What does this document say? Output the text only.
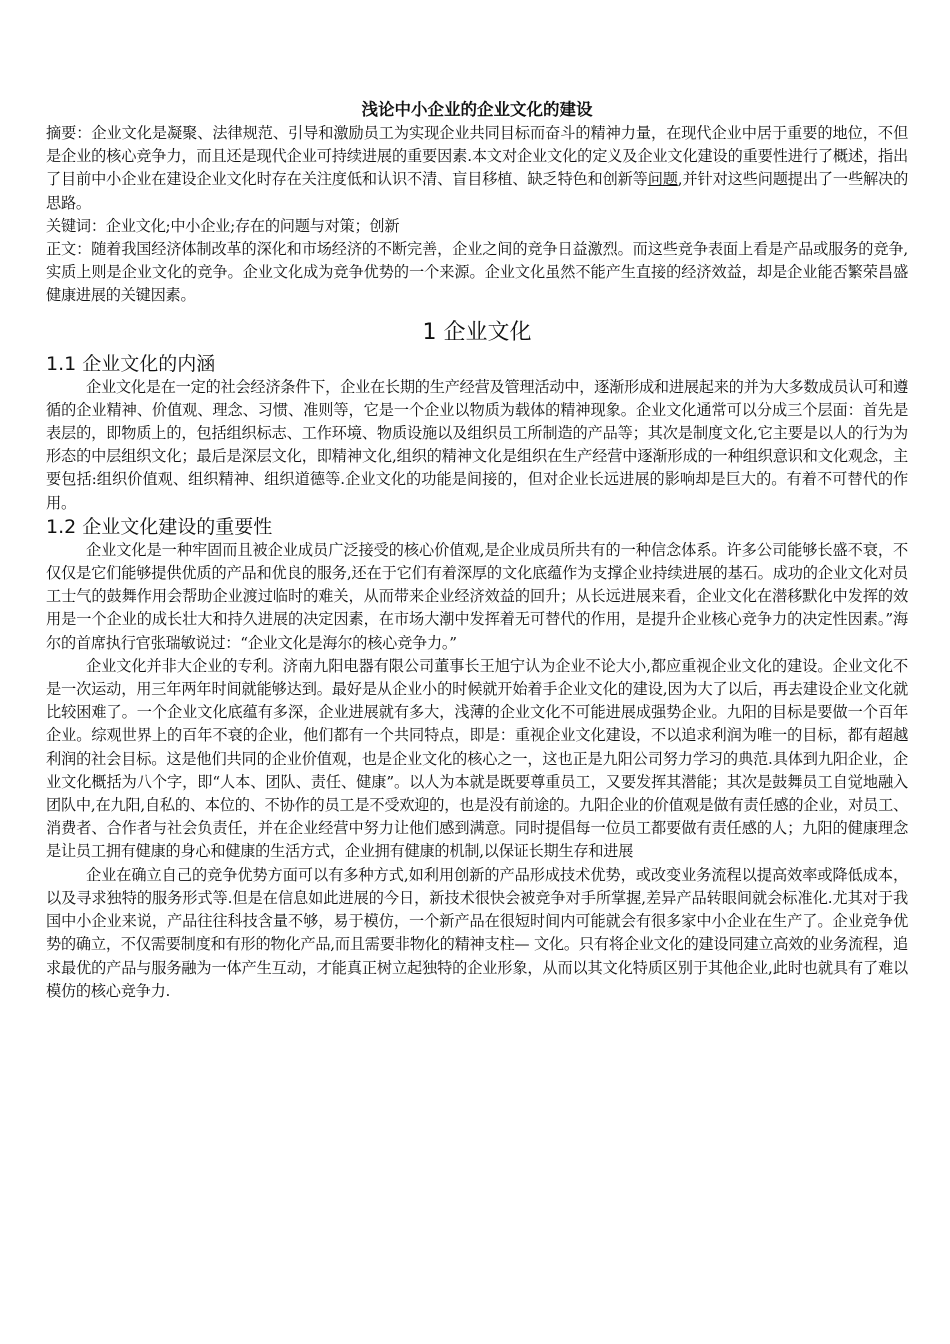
浅论中小企业的企业文化的建设

摘要：企业文化是凝聚、法律规范、引导和激励员工为实现企业共同目标而奋斗的精神力量，在现代企业中居于重要的地位，不但是企业的核心竞争力，而且还是现代企业可持续进展的重要因素.本文对企业文化的定义及企业文化建设的重要性进行了概述，指出了目前中小企业在建设企业文化时存在关注度低和认识不清、盲目移植、缺乏特色和创新等问题,并针对这些问题提出了一些解决的思路。

关键词：企业文化;中小企业;存在的问题与对策；创新

正文：随着我国经济体制改革的深化和市场经济的不断完善，企业之间的竞争日益激烈。而这些竞争表面上看是产品或服务的竞争,实质上则是企业文化的竞争。企业文化成为竞争优势的一个来源。企业文化虽然不能产生直接的经济效益，却是企业能否繁荣昌盛健康进展的关键因素。

1 企业文化
1.1 企业文化的内涵

企业文化是在一定的社会经济条件下，企业在长期的生产经营及管理活动中，逐渐形成和进展起来的并为大多数成员认可和遵循的企业精神、价值观、理念、习惯、准则等，它是一个企业以物质为载体的精神现象。企业文化通常可以分成三个层面：首先是表层的，即物质上的，包括组织标志、工作环境、物质设施以及组织员工所制造的产品等；其次是制度文化,它主要是以人的行为为形态的中层组织文化；最后是深层文化，即精神文化,组织的精神文化是组织在生产经营中逐渐形成的一种组织意识和文化观念，主要包括:组织价值观、组织精神、组织道德等.企业文化的功能是间接的，但对企业长远进展的影响却是巨大的。有着不可替代的作用。

1.2 企业文化建设的重要性

企业文化是一种牢固而且被企业成员广泛接受的核心价值观,是企业成员所共有的一种信念体系。许多公司能够长盛不衰，不仅仅是它们能够提供优质的产品和优良的服务,还在于它们有着深厚的文化底蕴作为支撑企业持续进展的基石。成功的企业文化对员工士气的鼓舞作用会帮助企业渡过临时的难关，从而带来企业经济效益的回升；从长远进展来看，企业文化在潜移默化中发挥的效用是一个企业的成长壮大和持久进展的决定因素，在市场大潮中发挥着无可替代的作用，是提升企业核心竞争力的决定性因素。”海尔的首席执行官张瑞敏说过：“企业文化是海尔的核心竞争力。”

企业文化并非大企业的专利。济南九阳电器有限公司董事长王旭宁认为企业不论大小,都应重视企业文化的建设。企业文化不是一次运动，用三年两年时间就能够达到。最好是从企业小的时候就开始着手企业文化的建设,因为大了以后，再去建设企业文化就比较困难了。一个企业文化底蕴有多深，企业进展就有多大，浅薄的企业文化不可能进展成强势企业。九阳的目标是要做一个百年企业。综观世界上的百年不衰的企业，他们都有一个共同特点，即是：重视企业文化建设，不以追求利润为唯一的目标，都有超越利润的社会目标。这是他们共同的企业价值观，也是企业文化的核心之一，这也正是九阳公司努力学习的典范.具体到九阳企业，企业文化概括为八个字，即“人本、团队、责任、健康”。以人为本就是既要尊重员工，又要发挥其潜能；其次是鼓舞员工自觉地融入团队中,在九阳,自私的、本位的、不协作的员工是不受欢迎的，也是没有前途的。九阳企业的价值观是做有责任感的企业，对员工、消费者、合作者与社会负责任，并在企业经营中努力让他们感到满意。同时提倡每一位员工都要做有责任感的人；九阳的健康理念是让员工拥有健康的身心和健康的生活方式，企业拥有健康的机制,以保证长期生存和进展

企业在确立自己的竞争优势方面可以有多种方式,如利用创新的产品形成技术优势，或改变业务流程以提高效率或降低成本，以及寻求独特的服务形式等.但是在信息如此进展的今日，新技术很快会被竞争对手所掌握,差异产品转眼间就会标准化.尤其对于我国中小企业来说，产品往往科技含量不够，易于模仿，一个新产品在很短时间内可能就会有很多家中小企业在生产了。企业竞争优势的确立，不仅需要制度和有形的物化产品,而且需要非物化的精神支柱— 文化。只有将企业文化的建设同建立高效的业务流程，追求最优的产品与服务融为一体产生互动，才能真正树立起独特的企业形象，从而以其文化特质区别于其他企业,此时也就具有了难以模仿的核心竞争力.
